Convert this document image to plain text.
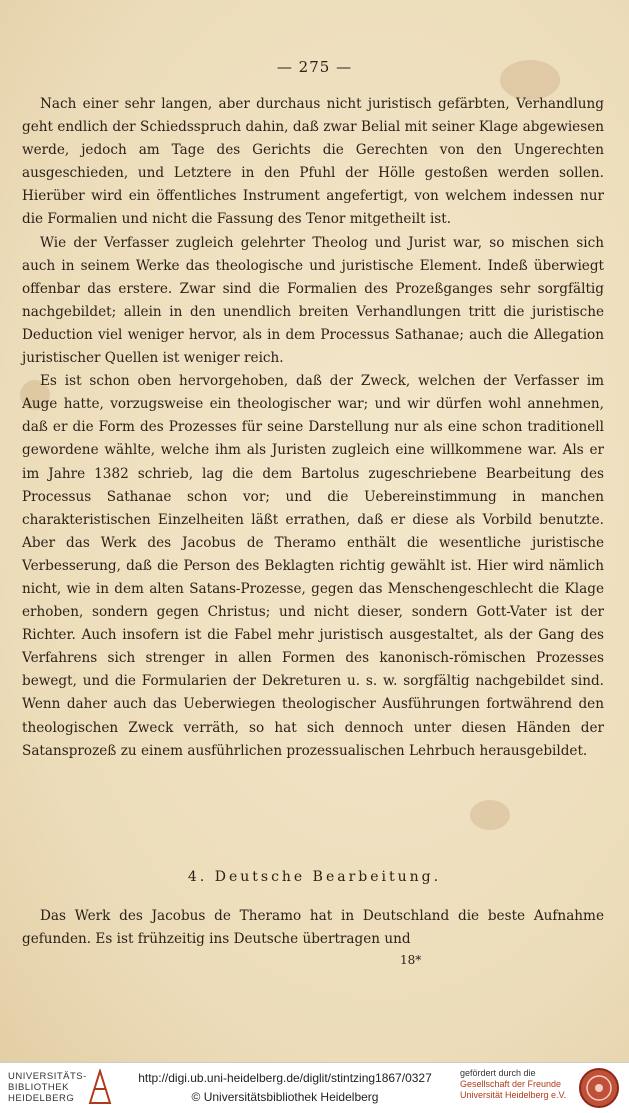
— 275 —

Nach einer sehr langen, aber durchaus nicht juristisch gefärbten, Verhandlung geht endlich der Schiedsspruch dahin, daß zwar Belial mit seiner Klage abgewiesen werde, jedoch am Tage des Gerichts die Gerechten von den Ungerechten ausgeschieden, und Letztere in den Pfuhl der Hölle gestoßen werden sollen. Hierüber wird ein öffentliches Instrument angefertigt, von welchem indessen nur die Formalien und nicht die Fassung des Tenor mitgetheilt ist.

Wie der Verfasser zugleich gelehrter Theolog und Jurist war, so mischen sich auch in seinem Werke das theologische und juristische Element. Indeß überwiegt offenbar das erstere. Zwar sind die Formalien des Prozeßganges sehr sorgfältig nachgebildet; allein in den unendlich breiten Verhandlungen tritt die juristische Deduction viel weniger hervor, als in dem Processus Sathanae; auch die Allegation juristischer Quellen ist weniger reich.

Es ist schon oben hervorgehoben, daß der Zweck, welchen der Verfasser im Auge hatte, vorzugsweise ein theologischer war; und wir dürfen wohl annehmen, daß er die Form des Prozesses für seine Darstellung nur als eine schon traditionell gewordene wählte, welche ihm als Juristen zugleich eine willkommene war. Als er im Jahre 1382 schrieb, lag die dem Bartolus zugeschriebene Bearbeitung des Processus Sathanae schon vor; und die Uebereinstimmung in manchen charakteristischen Einzelheiten läßt errathen, daß er diese als Vorbild benutzte. Aber das Werk des Jacobus de Theramo enthält die wesentliche juristische Verbesserung, daß die Person des Beklagten richtig gewählt ist. Hier wird nämlich nicht, wie in dem alten Satans-Prozesse, gegen das Menschengeschlecht die Klage erhoben, sondern gegen Christus; und nicht dieser, sondern Gott-Vater ist der Richter. Auch insofern ist die Fabel mehr juristisch ausgestaltet, als der Gang des Verfahrens sich strenger in allen Formen des kanonisch-römischen Prozesses bewegt, und die Formularien der Dekreturen u. s. w. sorgfältig nachgebildet sind. Wenn daher auch das Ueberwiegen theologischer Ausführungen fortwährend den theologischen Zweck verräth, so hat sich dennoch unter diesen Händen der Satansprozeß zu einem ausführlichen prozessualischen Lehrbuch herausgebildet.

4. Deutsche Bearbeitung.

Das Werk des Jacobus de Theramo hat in Deutschland die beste Aufnahme gefunden. Es ist frühzeitig ins Deutsche übertragen und

18*
UNIVERSITÄTS-
BIBLIOTHEK
HEIDELBERG
http://digi.ub.uni-heidelberg.de/diglit/stintzing1867/0327
© Universitätsbibliothek Heidelberg
gefördert durch die
Gesellschaft der Freunde
Universität Heidelberg e.V.
